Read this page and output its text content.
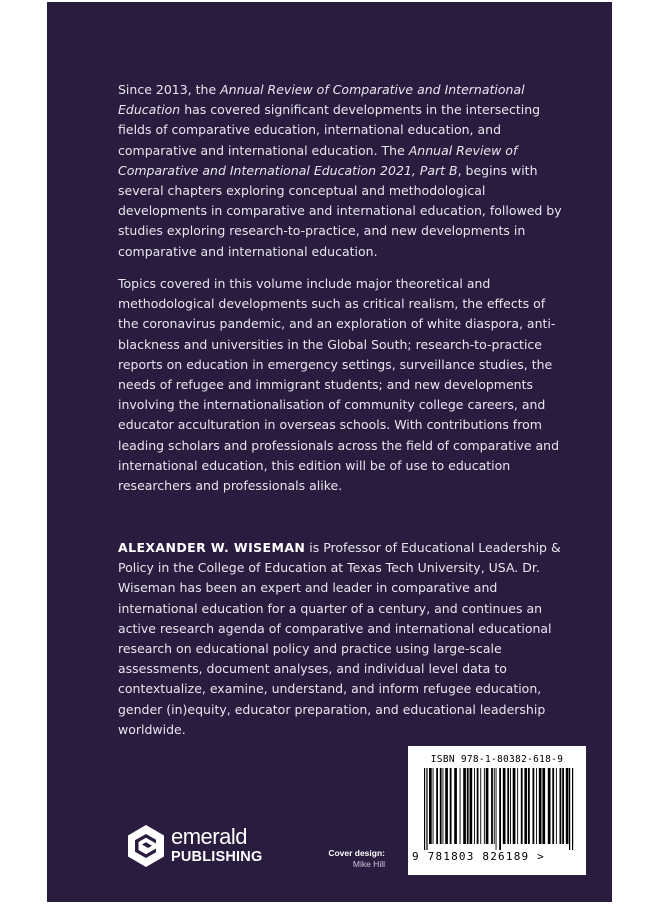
Since 2013, the Annual Review of Comparative and International Education has covered significant developments in the intersecting fields of comparative education, international education, and comparative and international education. The Annual Review of Comparative and International Education 2021, Part B, begins with several chapters exploring conceptual and methodological developments in comparative and international education, followed by studies exploring research-to-practice, and new developments in comparative and international education.

Topics covered in this volume include major theoretical and methodological developments such as critical realism, the effects of the coronavirus pandemic, and an exploration of white diaspora, anti-blackness and universities in the Global South; research-to-practice reports on education in emergency settings, surveillance studies, the needs of refugee and immigrant students; and new developments involving the internationalisation of community college careers, and educator acculturation in overseas schools. With contributions from leading scholars and professionals across the field of comparative and international education, this edition will be of use to education researchers and professionals alike.

ALEXANDER W. WISEMAN is Professor of Educational Leadership & Policy in the College of Education at Texas Tech University, USA. Dr. Wiseman has been an expert and leader in comparative and international education for a quarter of a century, and continues an active research agenda of comparative and international educational research on educational policy and practice using large-scale assessments, document analyses, and individual level data to contextualize, examine, understand, and inform refugee education, gender (in)equity, educator preparation, and educational leadership worldwide.

ISBN 978-1-80382-618-9
9 781803 826189 >
emerald
PUBLISHING	Cover design:
Mike Hill
